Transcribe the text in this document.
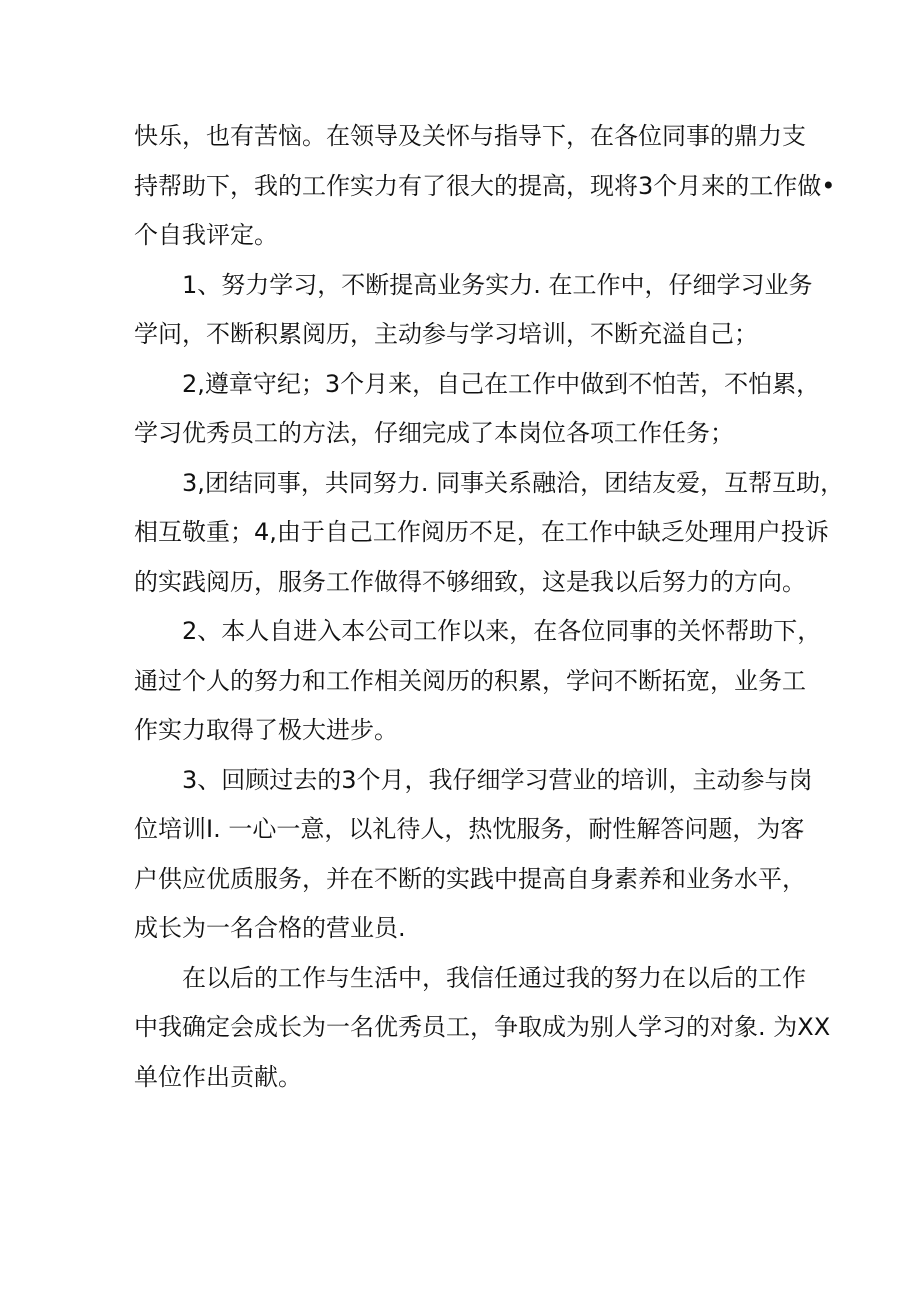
快乐，也有苦恼。在领导及关怀与指导下，在各位同事的鼎力支
持帮助下，我的工作实力有了很大的提高，现将3个月来的工作做•
个自我评定。
1、努力学习，不断提高业务实力. 在工作中，仔细学习业务
学问，不断积累阅历，主动参与学习培训，不断充溢自己；
2,遵章守纪；3个月来，自己在工作中做到不怕苦，不怕累，
学习优秀员工的方法，仔细完成了本岗位各项工作任务；
3,团结同事，共同努力. 同事关系融洽，团结友爱，互帮互助，
相互敬重；4,由于自己工作阅历不足，在工作中缺乏处理用户投诉
的实践阅历，服务工作做得不够细致，这是我以后努力的方向。
2、本人自进入本公司工作以来，在各位同事的关怀帮助下，
通过个人的努力和工作相关阅历的积累，学问不断拓宽，业务工
作实力取得了极大进步。
3、回顾过去的3个月，我仔细学习营业的培训，主动参与岗
位培训I. 一心一意，以礼待人，热忱服务，耐性解答问题，为客
户供应优质服务，并在不断的实践中提高自身素养和业务水平，
成长为一名合格的营业员.
在以后的工作与生活中，我信任通过我的努力在以后的工作
中我确定会成长为一名优秀员工，争取成为别人学习的对象. 为XX
单位作出贡献。
